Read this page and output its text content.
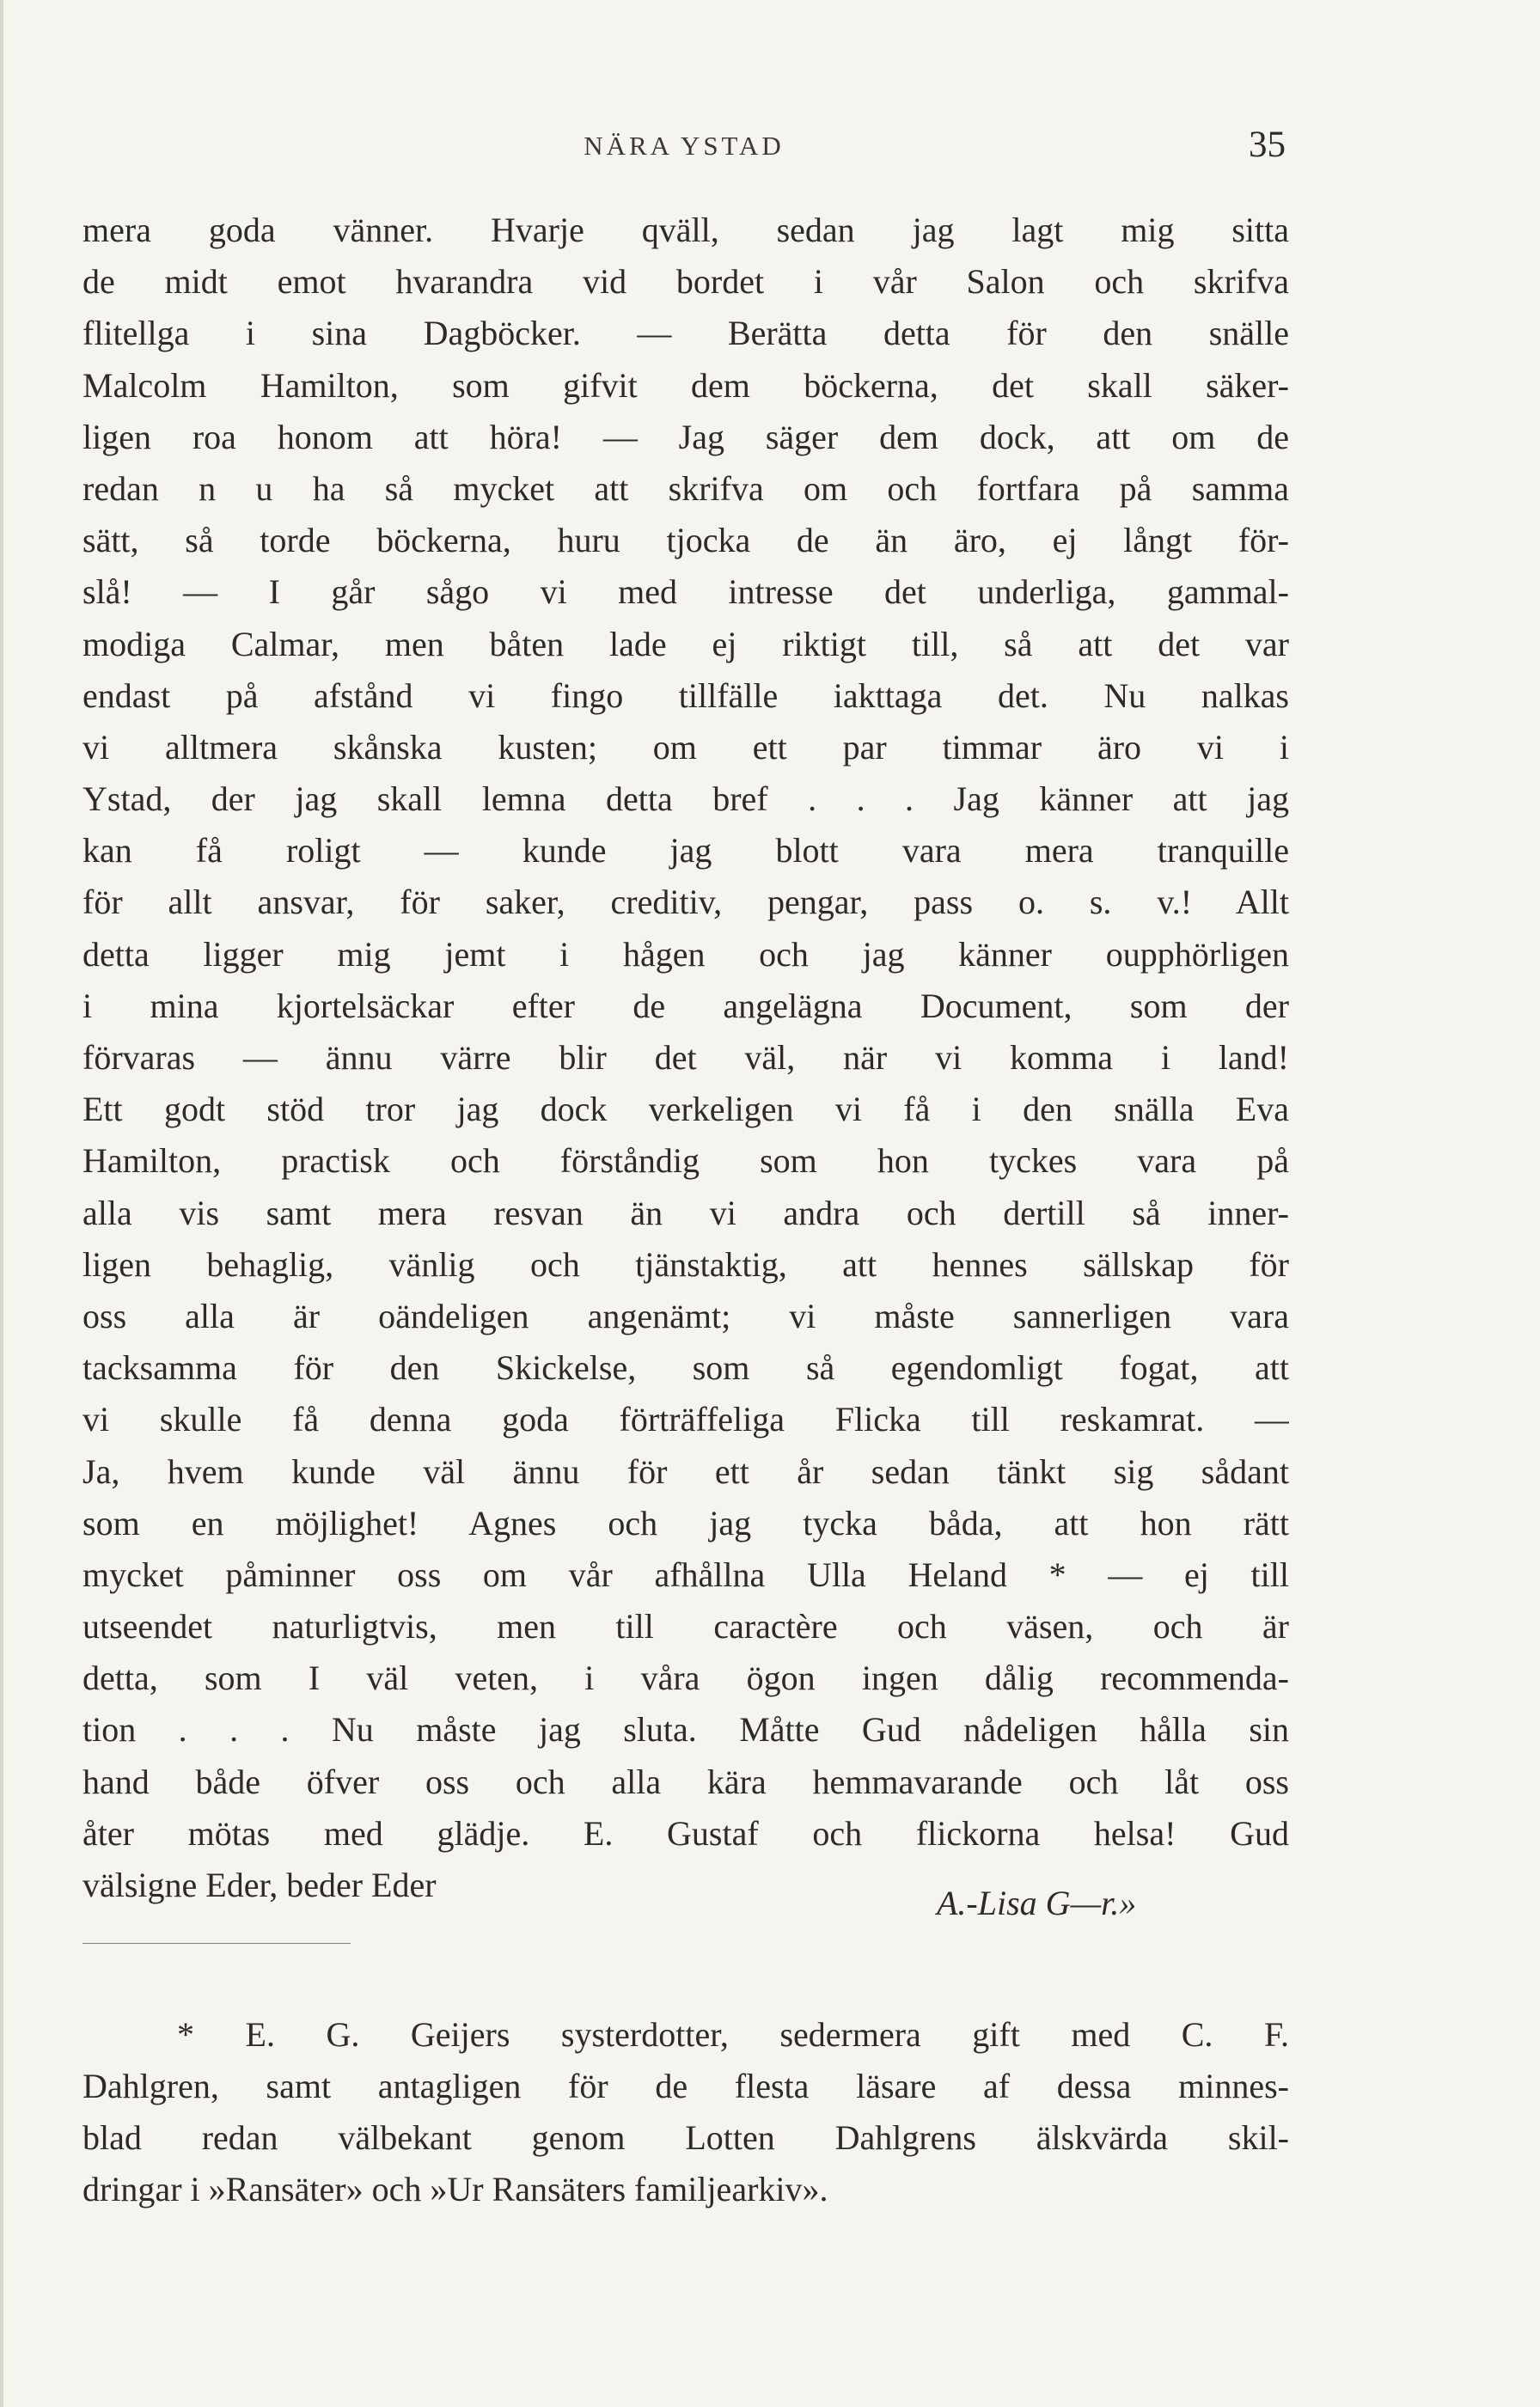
NÄRA YSTAD	35
mera goda vänner. Hvarje qväll, sedan jag lagt mig sitta
de midt emot hvarandra vid bordet i vår Salon och skrifva
flitellga i sina Dagböcker. — Berätta detta för den snälle
Malcolm Hamilton, som gifvit dem böckerna, det skall säker-
ligen roa honom att höra! — Jag säger dem dock, att om de
redan n u ha så mycket att skrifva om och fortfara på samma
sätt, så torde böckerna, huru tjocka de än äro, ej långt för-
slå! — I går sågo vi med intresse det underliga, gammal-
modiga Calmar, men båten lade ej riktigt till, så att det var
endast på afstånd vi fingo tillfälle iakttaga det. Nu nalkas
vi alltmera skånska kusten; om ett par timmar äro vi i
Ystad, der jag skall lemna detta bref . . . Jag känner att jag
kan få roligt — kunde jag blott vara mera tranquille
för allt ansvar, för saker, creditiv, pengar, pass o. s. v.! Allt
detta ligger mig jemt i hågen och jag känner oupphörligen
i mina kjortelsäckar efter de angelägna Document, som der
förvaras — ännu värre blir det väl, när vi komma i land!
Ett godt stöd tror jag dock verkeligen vi få i den snälla Eva
Hamilton, practisk och förståndig som hon tyckes vara på
alla vis samt mera resvan än vi andra och dertill så inner-
ligen behaglig, vänlig och tjänstaktig, att hennes sällskap för
oss alla är oändeligen angenämt; vi måste sannerligen vara
tacksamma för den Skickelse, som så egendomligt fogat, att
vi skulle få denna goda förträffeliga Flicka till reskamrat. —
Ja, hvem kunde väl ännu för ett år sedan tänkt sig sådant
som en möjlighet! Agnes och jag tycka båda, att hon rätt
mycket påminner oss om vår afhållna Ulla Heland * — ej till
utseendet naturligtvis, men till caractère och väsen, och är
detta, som I väl veten, i våra ögon ingen dålig recommenda-
tion . . . Nu måste jag sluta. Måtte Gud nådeligen hålla sin
hand både öfver oss och alla kära hemmavarande och låt oss
åter mötas med glädje. E. Gustaf och flickorna helsa! Gud
välsigne Eder, beder Eder	A.-Lisa G—r.»
* E. G. Geijers systerdotter, sedermera gift med C. F.
Dahlgren, samt antagligen för de flesta läsare af dessa minnes-
blad redan välbekant genom Lotten Dahlgrens älskvärda skil-
dringar i »Ransäter» och »Ur Ransäters familjearkiv».
